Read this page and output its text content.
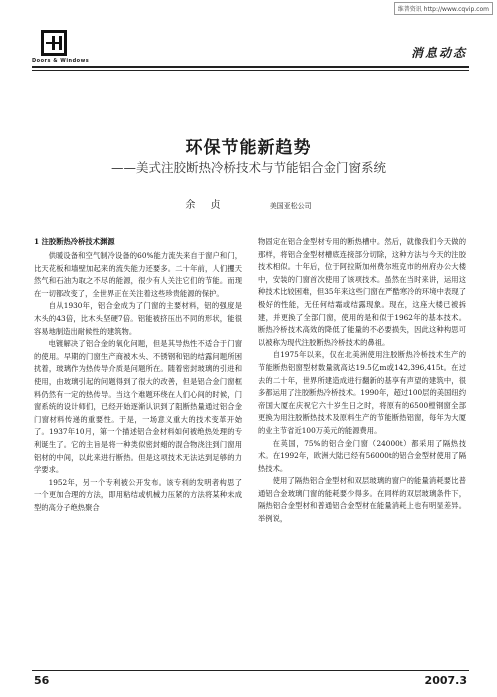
维普资讯 http://www.cqvip.com
Doors & Windows
消息动态
环保节能新趋势
——美式注胶断热冷桥技术与节能铝合金门窗系统
余 贞	美国亚松公司
1 注胶断热冷桥技术渊源

供暖设备和空气制冷设备的60%能力流失来自于窗户和门，比天花板和墙壁加起来的流失能力还要多。二十年前，人们攫天然气和石油为取之不尽的能源，很少有人关注它们的节能。而现在一切都改变了，全世界正在关注着这些珍贵能源的保护。

自从1930年，铝合金成为了门窗的主要材料，铝的强度是木头的43倍，比木头坚硬7倍。铝能被挤压出不同的形状，能很容易地制造出耐候性的建筑物。

电镀解决了铝合金的氧化问题，但是其导热性不适合于门窗的使用。早期的门窗生产商被木头、不锈钢和铝的结露问题所困扰着，玻璃作为热传导介质是问题所在。随着密封玻璃的引进和使用，由玻璃引起的问题得到了很大的改善，但是铝合金门窗框料仍然有一定的热传导。当这个难题环绕在人们心间的时候，门窗系统的设计师们，已经开始逐渐认识到了阻断热量通过铝合金门窗材料传递的重要性。于是，一场意义重大的技术变革开始了。1937年10月，第一个描述铝合金材料如何被绝热处理的专利诞生了。它的主旨是将一种类似密封蜡的混合物浇注到门窗用铝材的中间，以此来进行断热。但是这项技术无法达到足够的力学要求。

1952年，另一个专利被公开发布。该专利的发明者构思了一个更加合理的方法，即用粘结或机械力压紧的方法将某种未成型的高分子绝热聚合

物固定在铝合金型材专用的断热槽中。然后，就像我们今天做的那样，将铝合金型材槽底连接部分切除，这种方法与今天的注胶技术相似。十年后，位于阿拉斯加州费尔班克市的州府办公大楼中，安装的门窗首次使用了该项技术。虽然在当时来讲，运用这种技术比较困难，但35年来这些门窗在严酷寒冷的环境中表现了极好的性能，无任何结霜或结露现象。现在，这座大楼已被拆建，并更换了全部门窗，使用的是和似于1962年的基本技术。断热冷桥技术高效的降低了能量的不必要损失，因此这种构思可以被称为现代注胶断热冷桥技术的鼻祖。

自1975年以来，仅在北美洲使用注胶断热冷桥技术生产的节能断热铝窗型材数量就高达19.5亿m或142,396,415t。在过去的二十年，世界所建造成进行翻新的基享有声望的建筑中，很多都运用了注胶断热冷桥技术。1990年，超过100层的美国纽约帝国大厦在庆祝它六十岁生日之时，将原有的6500樘钢窗全部更换为用注胶断热技术及原料生产的节能断热铝窗，每年为大厦的业主节省近100万美元的能源费用。

在英国，75%的铝合金门窗（24000t）都采用了隔热技术。在1992年，欧洲大陆已经有56000t的铝合金型材使用了隔热技术。

使用了隔热铝合金型材和双层玻璃的窗户的能量消耗要比普通铝合金玻璃门窗的能耗要少得多。在同样的双层玻璃条件下，隔热铝合金型材和普通铝合金型材在能量消耗上也有明显差异。举例说，

56	2007.3
